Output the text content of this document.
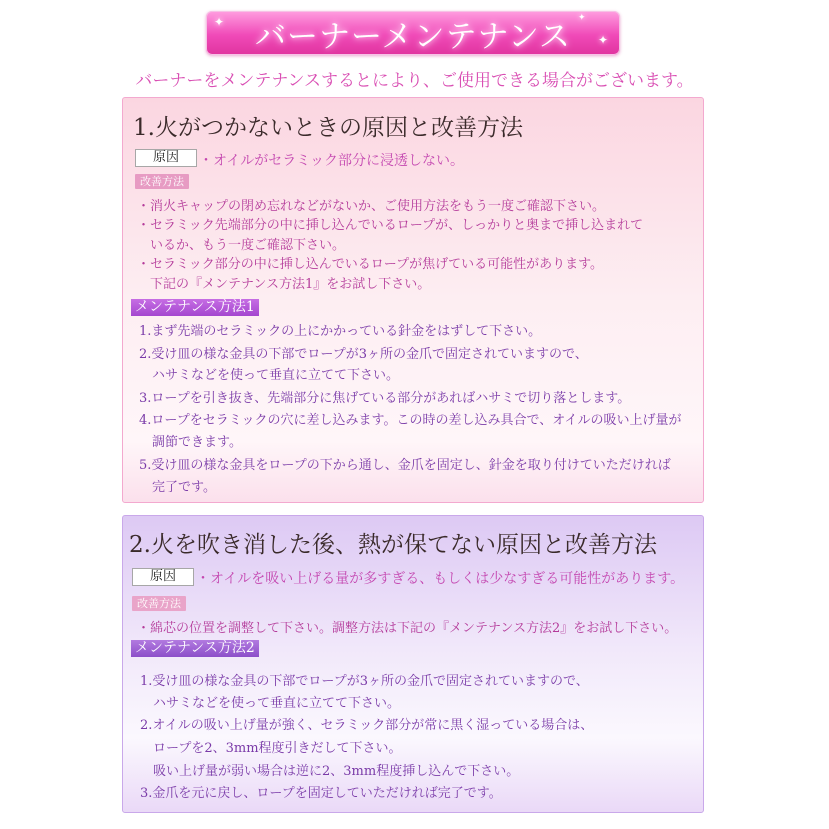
バーナーメンテナンス
✦
✦
✦
バーナーをメンテナンスするとにより、ご使用できる場合がございます。
1.火がつかないときの原因と改善方法
原因	・オイルがセラミック部分に浸透しない。
改善方法
・消火キャップの閉め忘れなどがないか、ご使用方法をもう一度ご確認下さい。
・セラミック先端部分の中に挿し込んでいるロープが、しっかりと奥まで挿し込まれて
　いるか、もう一度ご確認下さい。
・セラミック部分の中に挿し込んでいるロープが焦げている可能性があります。
　下記の『メンテナンス方法1』をお試し下さい。
メンテナンス方法1
1.まず先端のセラミックの上にかかっている針金をはずして下さい。
2.受け皿の様な金具の下部でロープが3ヶ所の金爪で固定されていますので、
　ハサミなどを使って垂直に立てて下さい。
3.ロープを引き抜き、先端部分に焦げている部分があればハサミで切り落とします。
4.ロープをセラミックの穴に差し込みます。この時の差し込み具合で、オイルの吸い上げ量が
　調節できます。
5.受け皿の様な金具をロープの下から通し、金爪を固定し、針金を取り付けていただければ
　完了です。
2.火を吹き消した後、熱が保てない原因と改善方法
原因	・オイルを吸い上げる量が多すぎる、もしくは少なすぎる可能性があります。
改善方法
・綿芯の位置を調整して下さい。調整方法は下記の『メンテナンス方法2』をお試し下さい。
メンテナンス方法2
1.受け皿の様な金具の下部でロープが3ヶ所の金爪で固定されていますので、
　ハサミなどを使って垂直に立てて下さい。
2.オイルの吸い上げ量が強く、セラミック部分が常に黒く湿っている場合は、
　ロープを2、3mm程度引きだして下さい。
　吸い上げ量が弱い場合は逆に2、3mm程度挿し込んで下さい。
3.金爪を元に戻し、ロープを固定していただければ完了です。
